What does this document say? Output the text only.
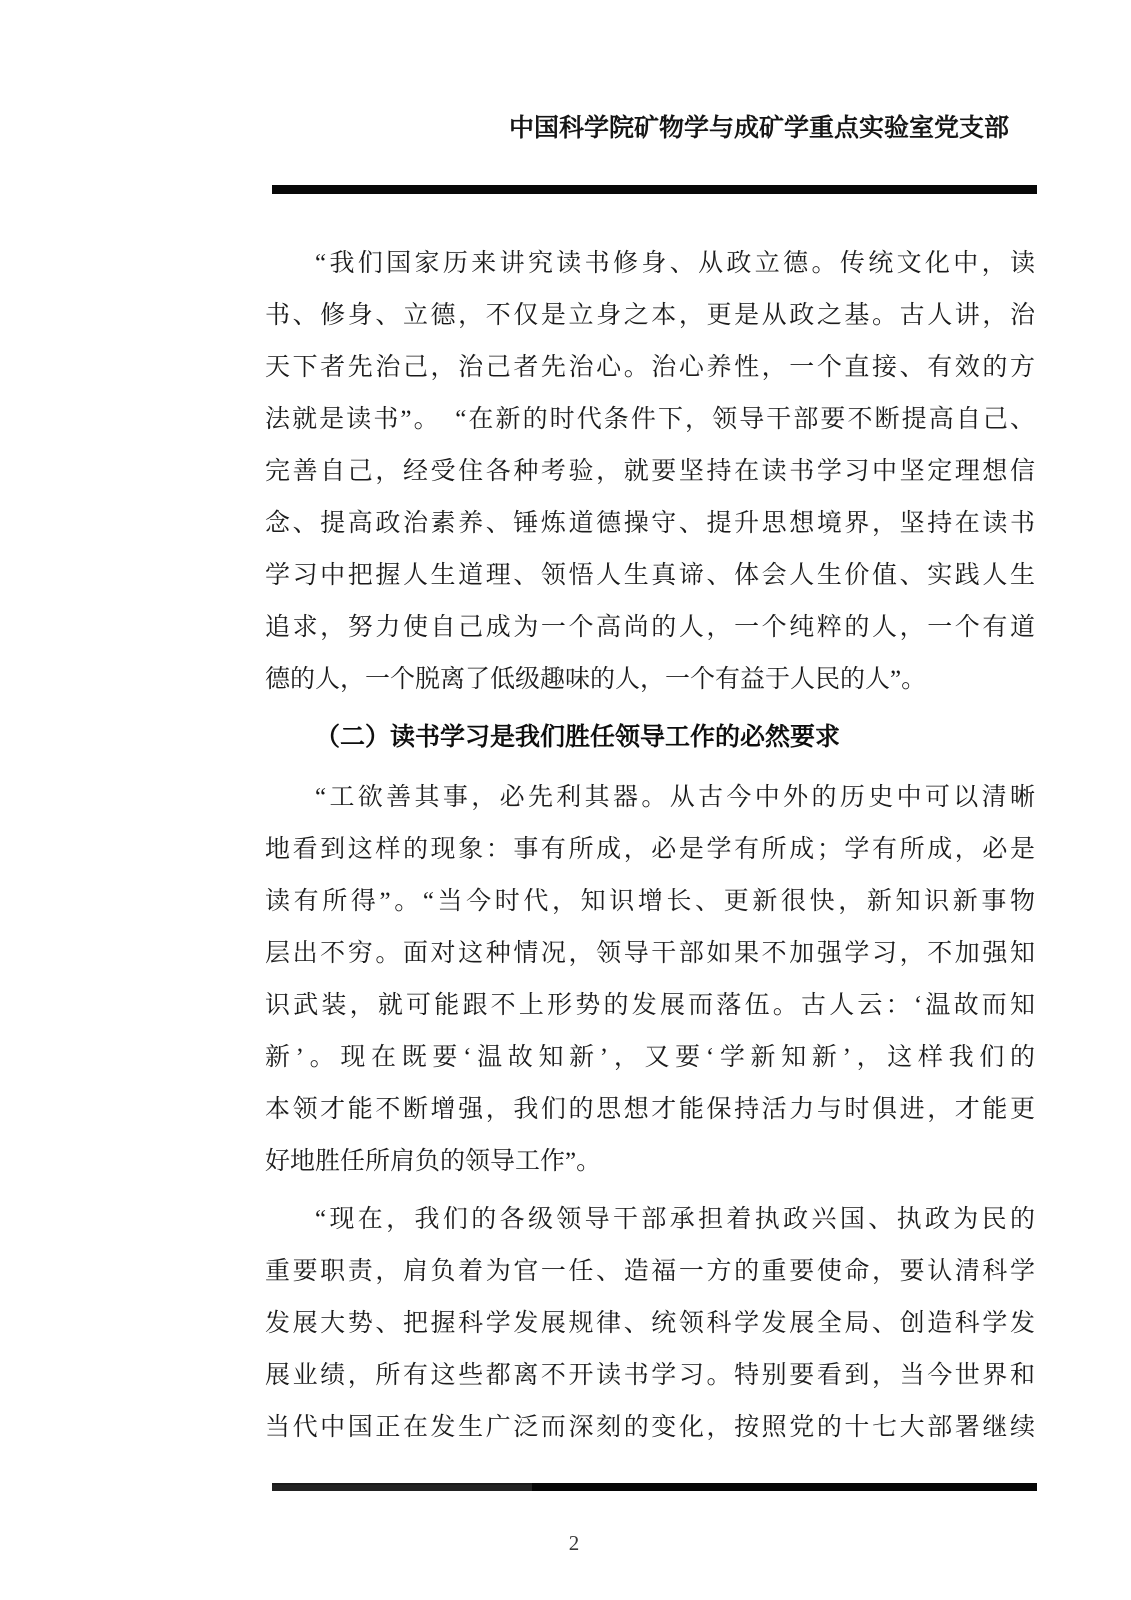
中国科学院矿物学与成矿学重点实验室党支部
“我们国家历来讲究读书修身、从政立德。传统文化中，读
书、修身、立德，不仅是立身之本，更是从政之基。古人讲，治
天下者先治己，治己者先治心。治心养性，一个直接、有效的方
法就是读书”。　“在新的时代条件下，领导干部要不断提高自己、
完善自己，经受住各种考验，就要坚持在读书学习中坚定理想信
念、提高政治素养、锤炼道德操守、提升思想境界，坚持在读书
学习中把握人生道理、领悟人生真谛、体会人生价值、实践人生
追求，努力使自己成为一个高尚的人，一个纯粹的人，一个有道
德的人，一个脱离了低级趣味的人，一个有益于人民的人”。
（二）读书学习是我们胜任领导工作的必然要求
“工欲善其事，必先利其器。从古今中外的历史中可以清晰
地看到这样的现象：事有所成，必是学有所成；学有所成，必是
读有所得”。“当今时代，知识增长、更新很快，新知识新事物
层出不穷。面对这种情况，领导干部如果不加强学习，不加强知
识武装，就可能跟不上形势的发展而落伍。古人云：‘温故而知
新’。现在既要‘温故知新’，又要‘学新知新’，这样我们的
本领才能不断增强，我们的思想才能保持活力与时俱进，才能更
好地胜任所肩负的领导工作”。
“现在，我们的各级领导干部承担着执政兴国、执政为民的
重要职责，肩负着为官一任、造福一方的重要使命，要认清科学
发展大势、把握科学发展规律、统领科学发展全局、创造科学发
展业绩，所有这些都离不开读书学习。特别要看到，当今世界和
当代中国正在发生广泛而深刻的变化，按照党的十七大部署继续
2
